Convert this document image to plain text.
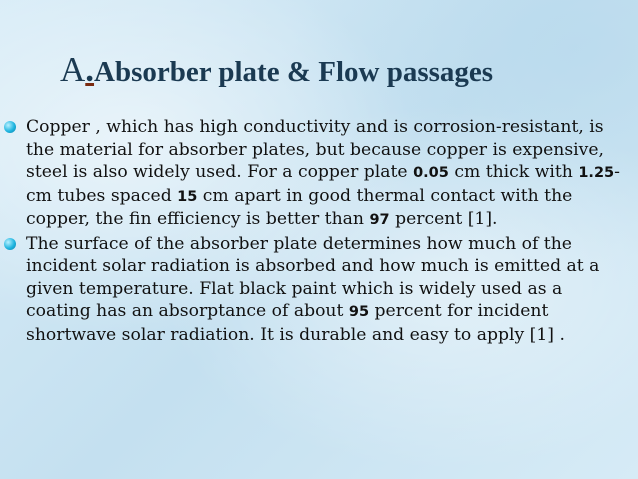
A.Absorber plate & Flow passages
Copper , which has high conductivity and is corrosion-resistant, is the material for absorber plates, but because copper is expensive, steel is also widely used. For a copper plate 0.05 cm thick with 1.25-cm tubes spaced 15 cm apart in good thermal contact with the copper, the fin efficiency is better than 97 percent [1].
The surface of the absorber plate determines how much of the incident solar radiation is absorbed and how much is emitted at a given temperature. Flat black paint which is widely used as a coating has an absorptance of about 95 percent for incident shortwave solar radiation. It is durable and easy to apply [1] .
